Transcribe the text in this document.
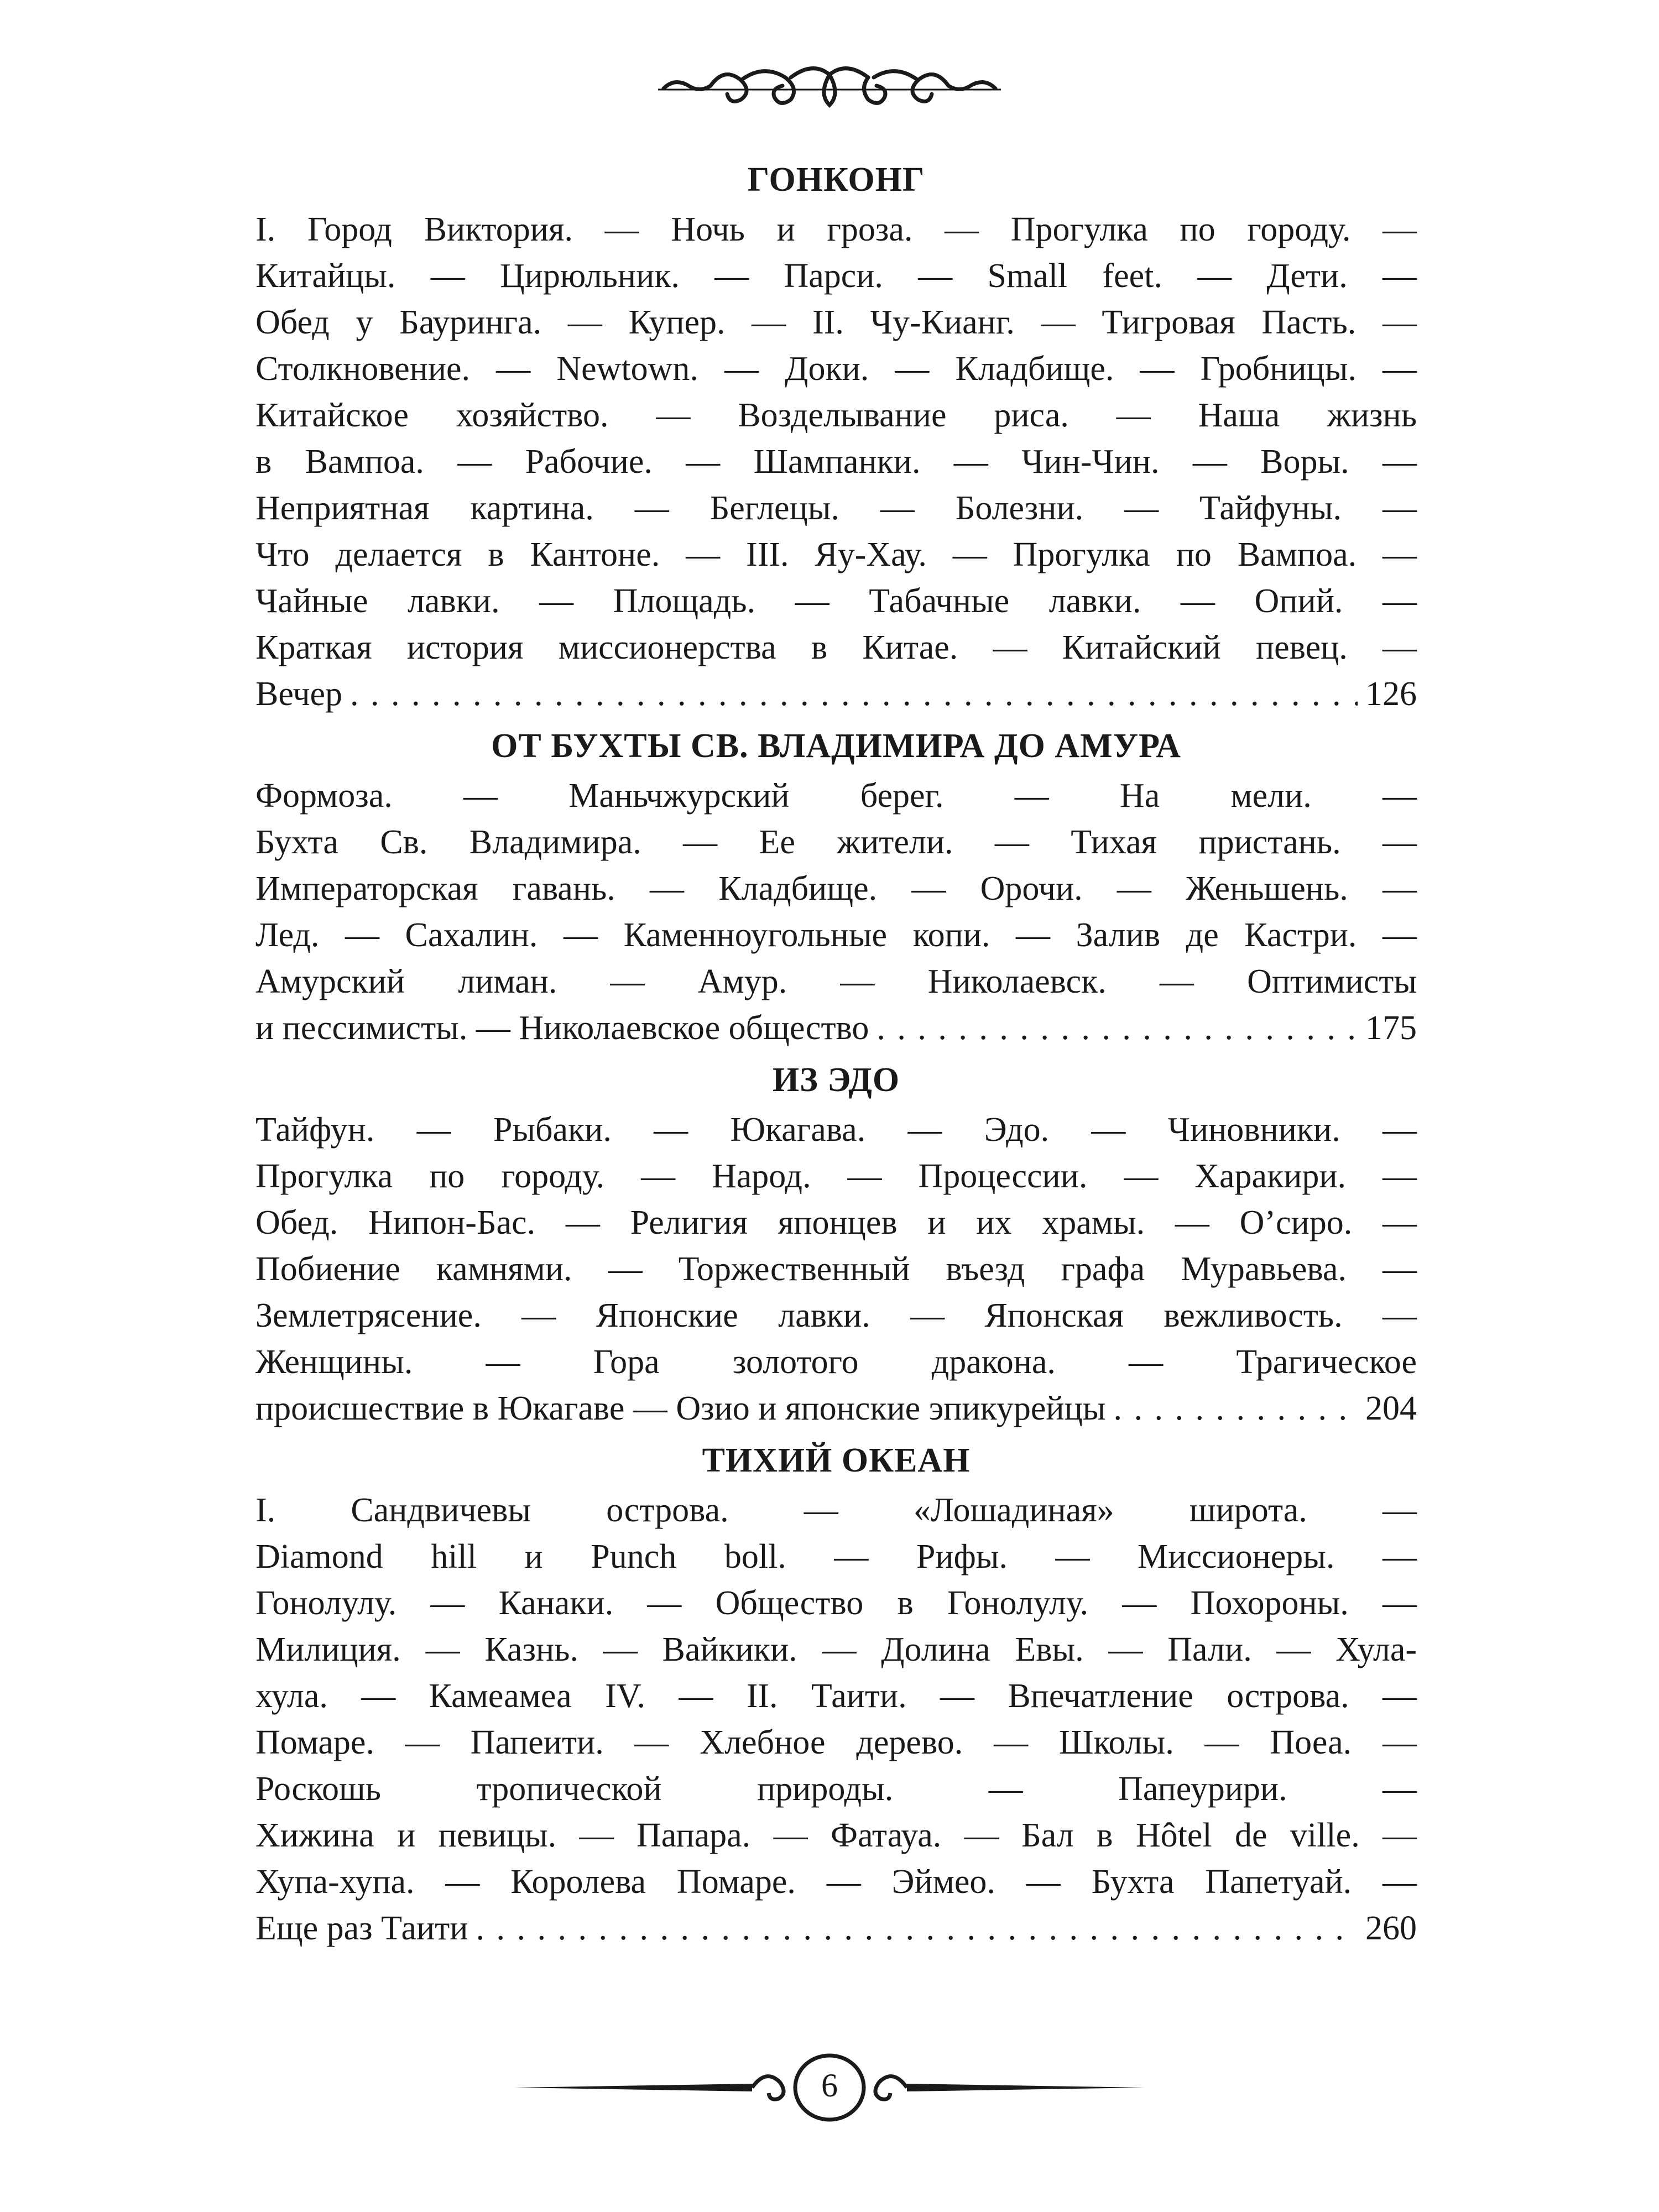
ГОНКОНГ
I. Город Виктория. — Ночь и гроза. — Прогулка по городу. —
Китайцы. — Цирюльник. — Парси. — Small feet. — Дети. —
Обед у Бауринга. — Купер. — II. Чу-Кианг. — Тигровая Пасть. —
Столкновение. — Newtown. — Доки. — Кладбище. — Гробницы. —
Китайское хозяйство. — Возделывание риса. — Наша жизнь
в Вампоа. — Рабочие. — Шампанки. — Чин-Чин. — Воры. —
Неприятная картина. — Беглецы. — Болезни. — Тайфуны. —
Что делается в Кантоне. — III. Яу-Хау. — Прогулка по Вампоа. —
Чайные лавки. — Площадь. — Табачные лавки. — Опий. —
Краткая история миссионерства в Китае. — Китайский певец. —
Вечер . . .	126
ОТ БУХТЫ СВ. ВЛАДИМИРА ДО АМУРА
Формоза. — Маньчжурский берег. — На мели. —
Бухта Св. Владимира. — Ее жители. — Тихая пристань. —
Императорская гавань. — Кладбище. — Орочи. — Женьшень. —
Лед. — Сахалин. — Каменноугольные копи. — Залив де Кастри. —
Амурский лиман. — Амур. — Николаевск. — Оптимисты
и пессимисты. — Николаевское общество . . .	175
ИЗ ЭДО
Тайфун. — Рыбаки. — Юкагава. — Эдо. — Чиновники. —
Прогулка по городу. — Народ. — Процессии. — Харакири. —
Обед. Нипон-Бас. — Религия японцев и их храмы. — О’сиро. —
Побиение камнями. — Торжественный въезд графа Муравьева. —
Землетрясение. — Японские лавки. — Японская вежливость. —
Женщины. — Гора золотого дракона. — Трагическое
происшествие в Юкагаве — Озио и японские эпикурейцы . . .	204
ТИХИЙ ОКЕАН
I. Сандвичевы острова. — «Лошадиная» широта. —
Diamond hill и Punch boll. — Рифы. — Миссионеры. —
Гонолулу. — Канаки. — Общество в Гонолулу. — Похороны. —
Милиция. — Казнь. — Вайкики. — Долина Евы. — Пали. — Хула-
хула. — Камеамеа IV. — II. Таити. — Впечатление острова. —
Помаре. — Папеити. — Хлебное дерево. — Школы. — Поеа. —
Роскошь тропической природы. — Папеурири. —
Хижина и певицы. — Папара. — Фатауа. — Бал в Hôtel de ville. —
Хупа-хупа. — Королева Помаре. — Эймео. — Бухта Папетуай. —
Еще раз Таити . . .	260
6
